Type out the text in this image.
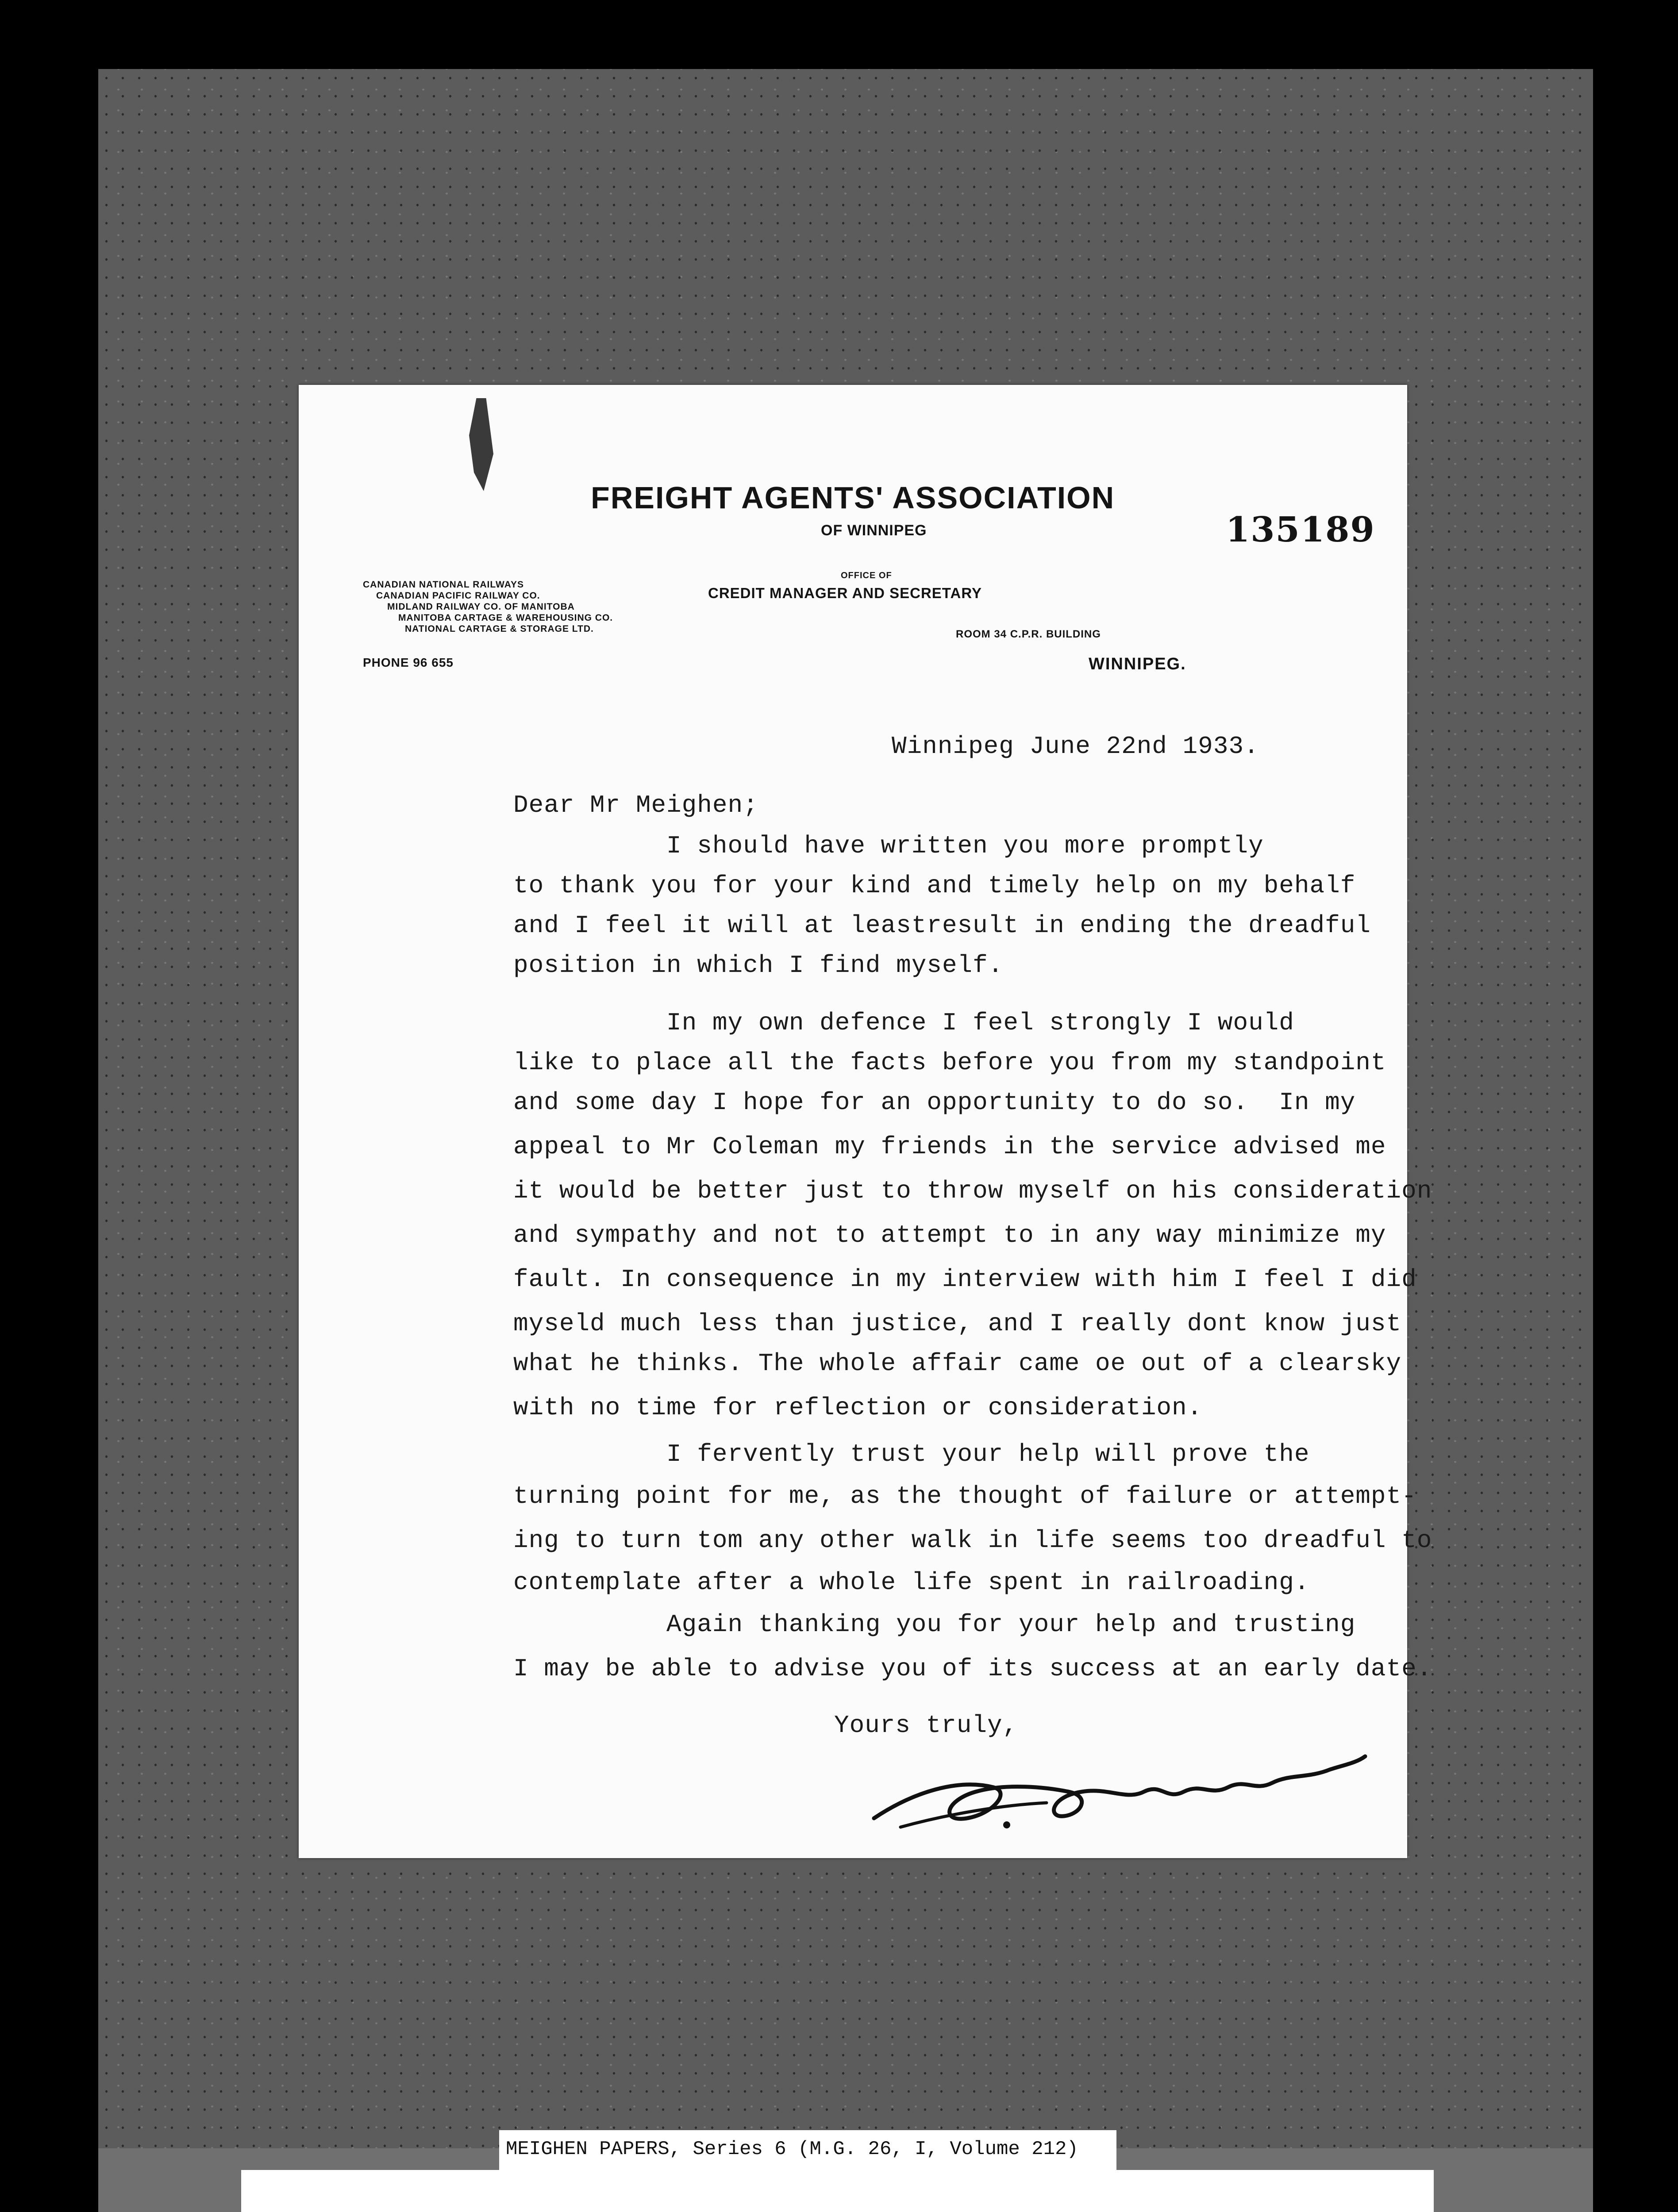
FREIGHT AGENTS' ASSOCIATION
OF WINNIPEG	135189
OFFICE OF
CREDIT MANAGER AND SECRETARY
CANADIAN NATIONAL RAILWAYS
CANADIAN PACIFIC RAILWAY CO.
MIDLAND RAILWAY CO. OF MANITOBA
MANITOBA CARTAGE & WAREHOUSING CO.
NATIONAL CARTAGE & STORAGE LTD.
PHONE 96 655
ROOM 34 C.P.R. BUILDING
WINNIPEG.
Winnipeg June 22nd 1933.
Dear Mr Meighen;
I should have written you more promptly
to thank you for your kind and timely help on my behalf
and I feel it will at leastresult in ending the dreadful
position in which I find myself.
In my own defence I feel strongly I would
like to place all the facts before you from my standpoint
and some day I hope for an opportunity to do so.  In my
appeal to Mr Coleman my friends in the service advised me
it would be better just to throw myself on his consideration
and sympathy and not to attempt to in any way minimize my
fault. In consequence in my interview with him I feel I did
myseld much less than justice, and I really dont know just
what he thinks. The whole affair came oe out of a clearsky
with no time for reflection or consideration.
I fervently trust your help will prove the
turning point for me, as the thought of failure or attempt-
ing to turn tom any other walk in life seems too dreadful to
contemplate after a whole life spent in railroading.
Again thanking you for your help and trusting
I may be able to advise you of its success at an early date.
Yours truly,
MEIGHEN PAPERS, Series 6 (M.G. 26, I, Volume 212)
